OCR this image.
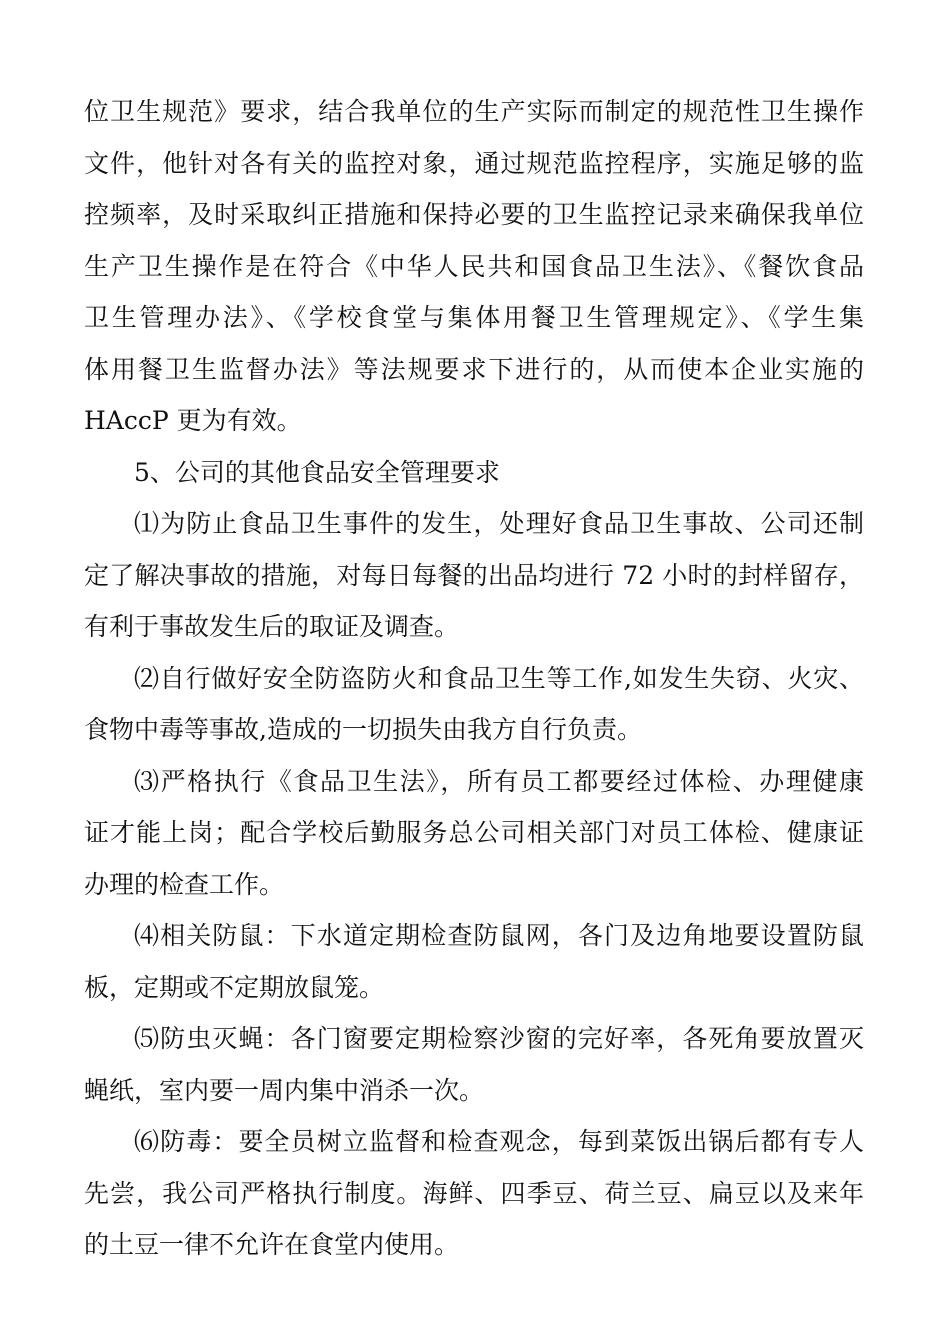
位卫生规范》要求，结合我单位的生产实际而制定的规范性卫生操作
文件，他针对各有关的监控对象，通过规范监控程序，实施足够的监
控频率，及时采取纠正措施和保持必要的卫生监控记录来确保我单位
生产卫生操作是在符合《中华人民共和国食品卫生法》、《餐饮食品
卫生管理办法》、《学校食堂与集体用餐卫生管理规定》、《学生集
体用餐卫生监督办法》等法规要求下进行的，从而使本企业实施的
HAccP 更为有效。
5、公司的其他食品安全管理要求
⑴为防止食品卫生事件的发生，处理好食品卫生事故、公司还制
定了解决事故的措施，对每日每餐的出品均进行 72 小时的封样留存，
有利于事故发生后的取证及调查。
⑵自行做好安全防盗防火和食品卫生等工作,如发生失窃、火灾、
食物中毒等事故,造成的一切损失由我方自行负责。
⑶严格执行《食品卫生法》，所有员工都要经过体检、办理健康
证才能上岗；配合学校后勤服务总公司相关部门对员工体检、健康证
办理的检查工作。
⑷相关防鼠：下水道定期检查防鼠网，各门及边角地要设置防鼠
板，定期或不定期放鼠笼。
⑸防虫灭蝇：各门窗要定期检察沙窗的完好率，各死角要放置灭
蝇纸，室内要一周内集中消杀一次。
⑹防毒：要全员树立监督和检查观念，每到菜饭出锅后都有专人
先尝，我公司严格执行制度。海鲜、四季豆、荷兰豆、扁豆以及来年
的土豆一律不允许在食堂内使用。
